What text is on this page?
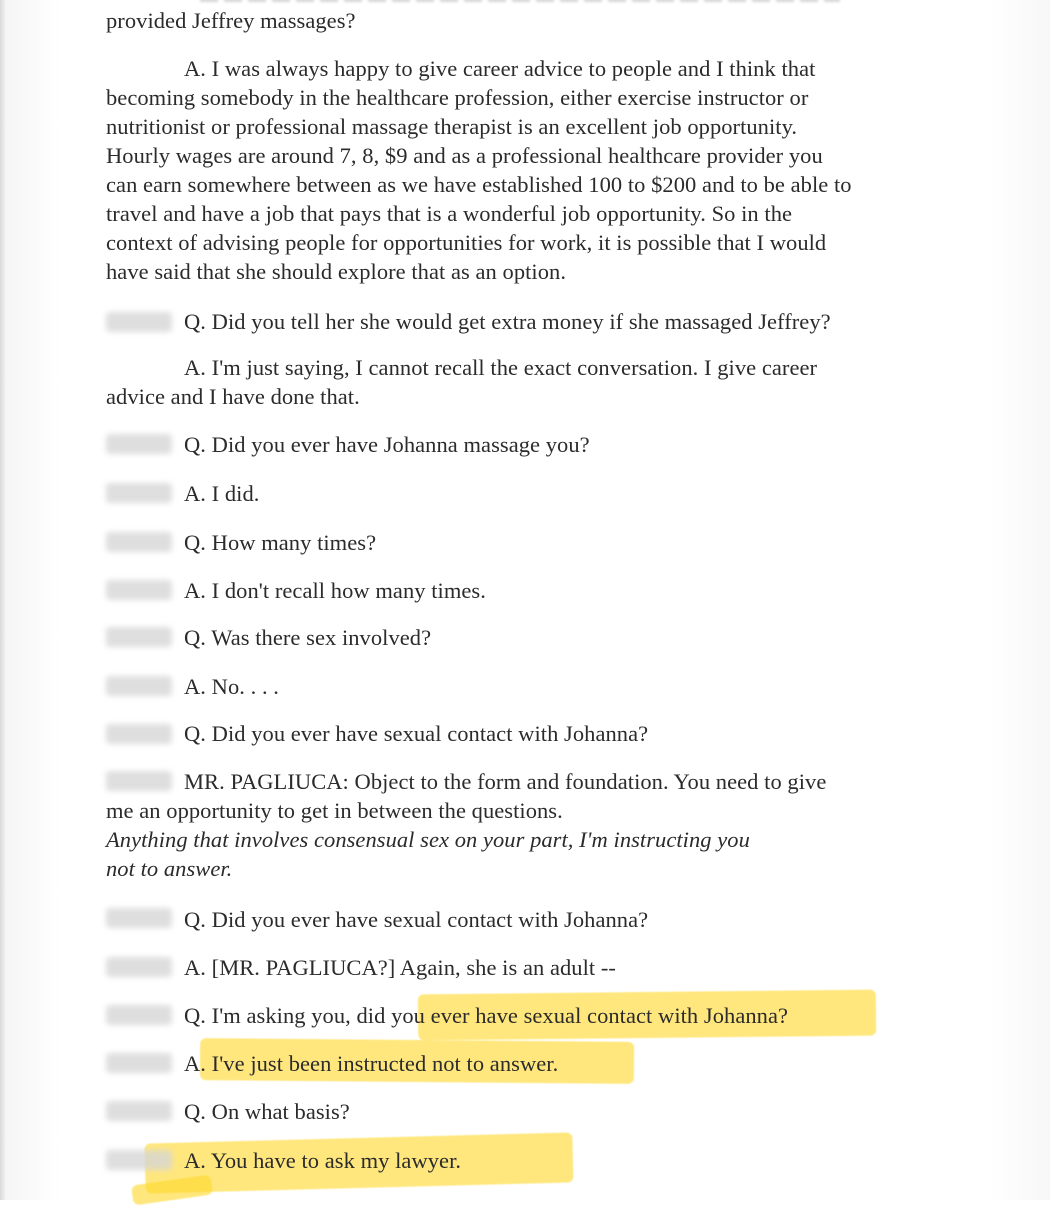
provided Jeffrey massages?
A. I was always happy to give career advice to people and I think that
becoming somebody in the healthcare profession, either exercise instructor or
nutritionist or professional massage therapist is an excellent job opportunity.
Hourly wages are around 7, 8, $9 and as a professional healthcare provider you
can earn somewhere between as we have established 100 to $200 and to be able to
travel and have a job that pays that is a wonderful job opportunity. So in the
context of advising people for opportunities for work, it is possible that I would
have said that she should explore that as an option.
Q. Did you tell her she would get extra money if she massaged Jeffrey?
A. I'm just saying, I cannot recall the exact conversation. I give career
advice and I have done that.
Q. Did you ever have Johanna massage you?
A. I did.
Q. How many times?
A. I don't recall how many times.
Q. Was there sex involved?
A. No. . . .
Q. Did you ever have sexual contact with Johanna?
MR. PAGLIUCA: Object to the form and foundation. You need to give
me an opportunity to get in between the questions.
Anything that involves consensual sex on your part, I'm instructing you
not to answer.
Q. Did you ever have sexual contact with Johanna?
A. [MR. PAGLIUCA?] Again, she is an adult --
Q. I'm asking you, did you ever have sexual contact with Johanna?
A. I've just been instructed not to answer.
Q. On what basis?
A. You have to ask my lawyer.
